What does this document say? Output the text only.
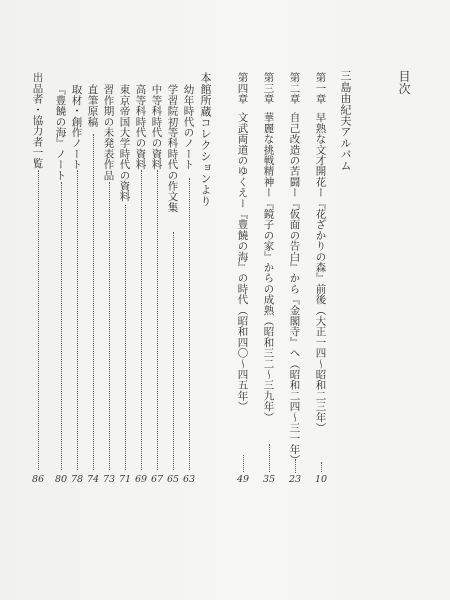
目次
三島由紀夫アルバム
第一章
早熟な文才開花ー『花ざかりの森』前後（大正一四〜昭和二三年）
10
第二章
自己改造の苦闘ー『仮面の告白』から『金閣寺』へ（昭和二四〜三一年）
23
第三章
華麗な挑戦精神ー『鏡子の家』からの成熟（昭和三二〜三九年）
35
第四章
文武両道のゆくえー『豊饒の海』の時代（昭和四〇〜四五年）
49
本館所蔵コレクションより
幼年時代のノート
63
学習院初等科時代の作文集
65
中等科時代の資料
67
高等科時代の資料
69
東京帝国大学時代の資料
71
習作期の未発表作品
73
直筆原稿
74
取材・創作ノート
78
『豊饒の海』ノート
80
出品者・協力者一覧
86
